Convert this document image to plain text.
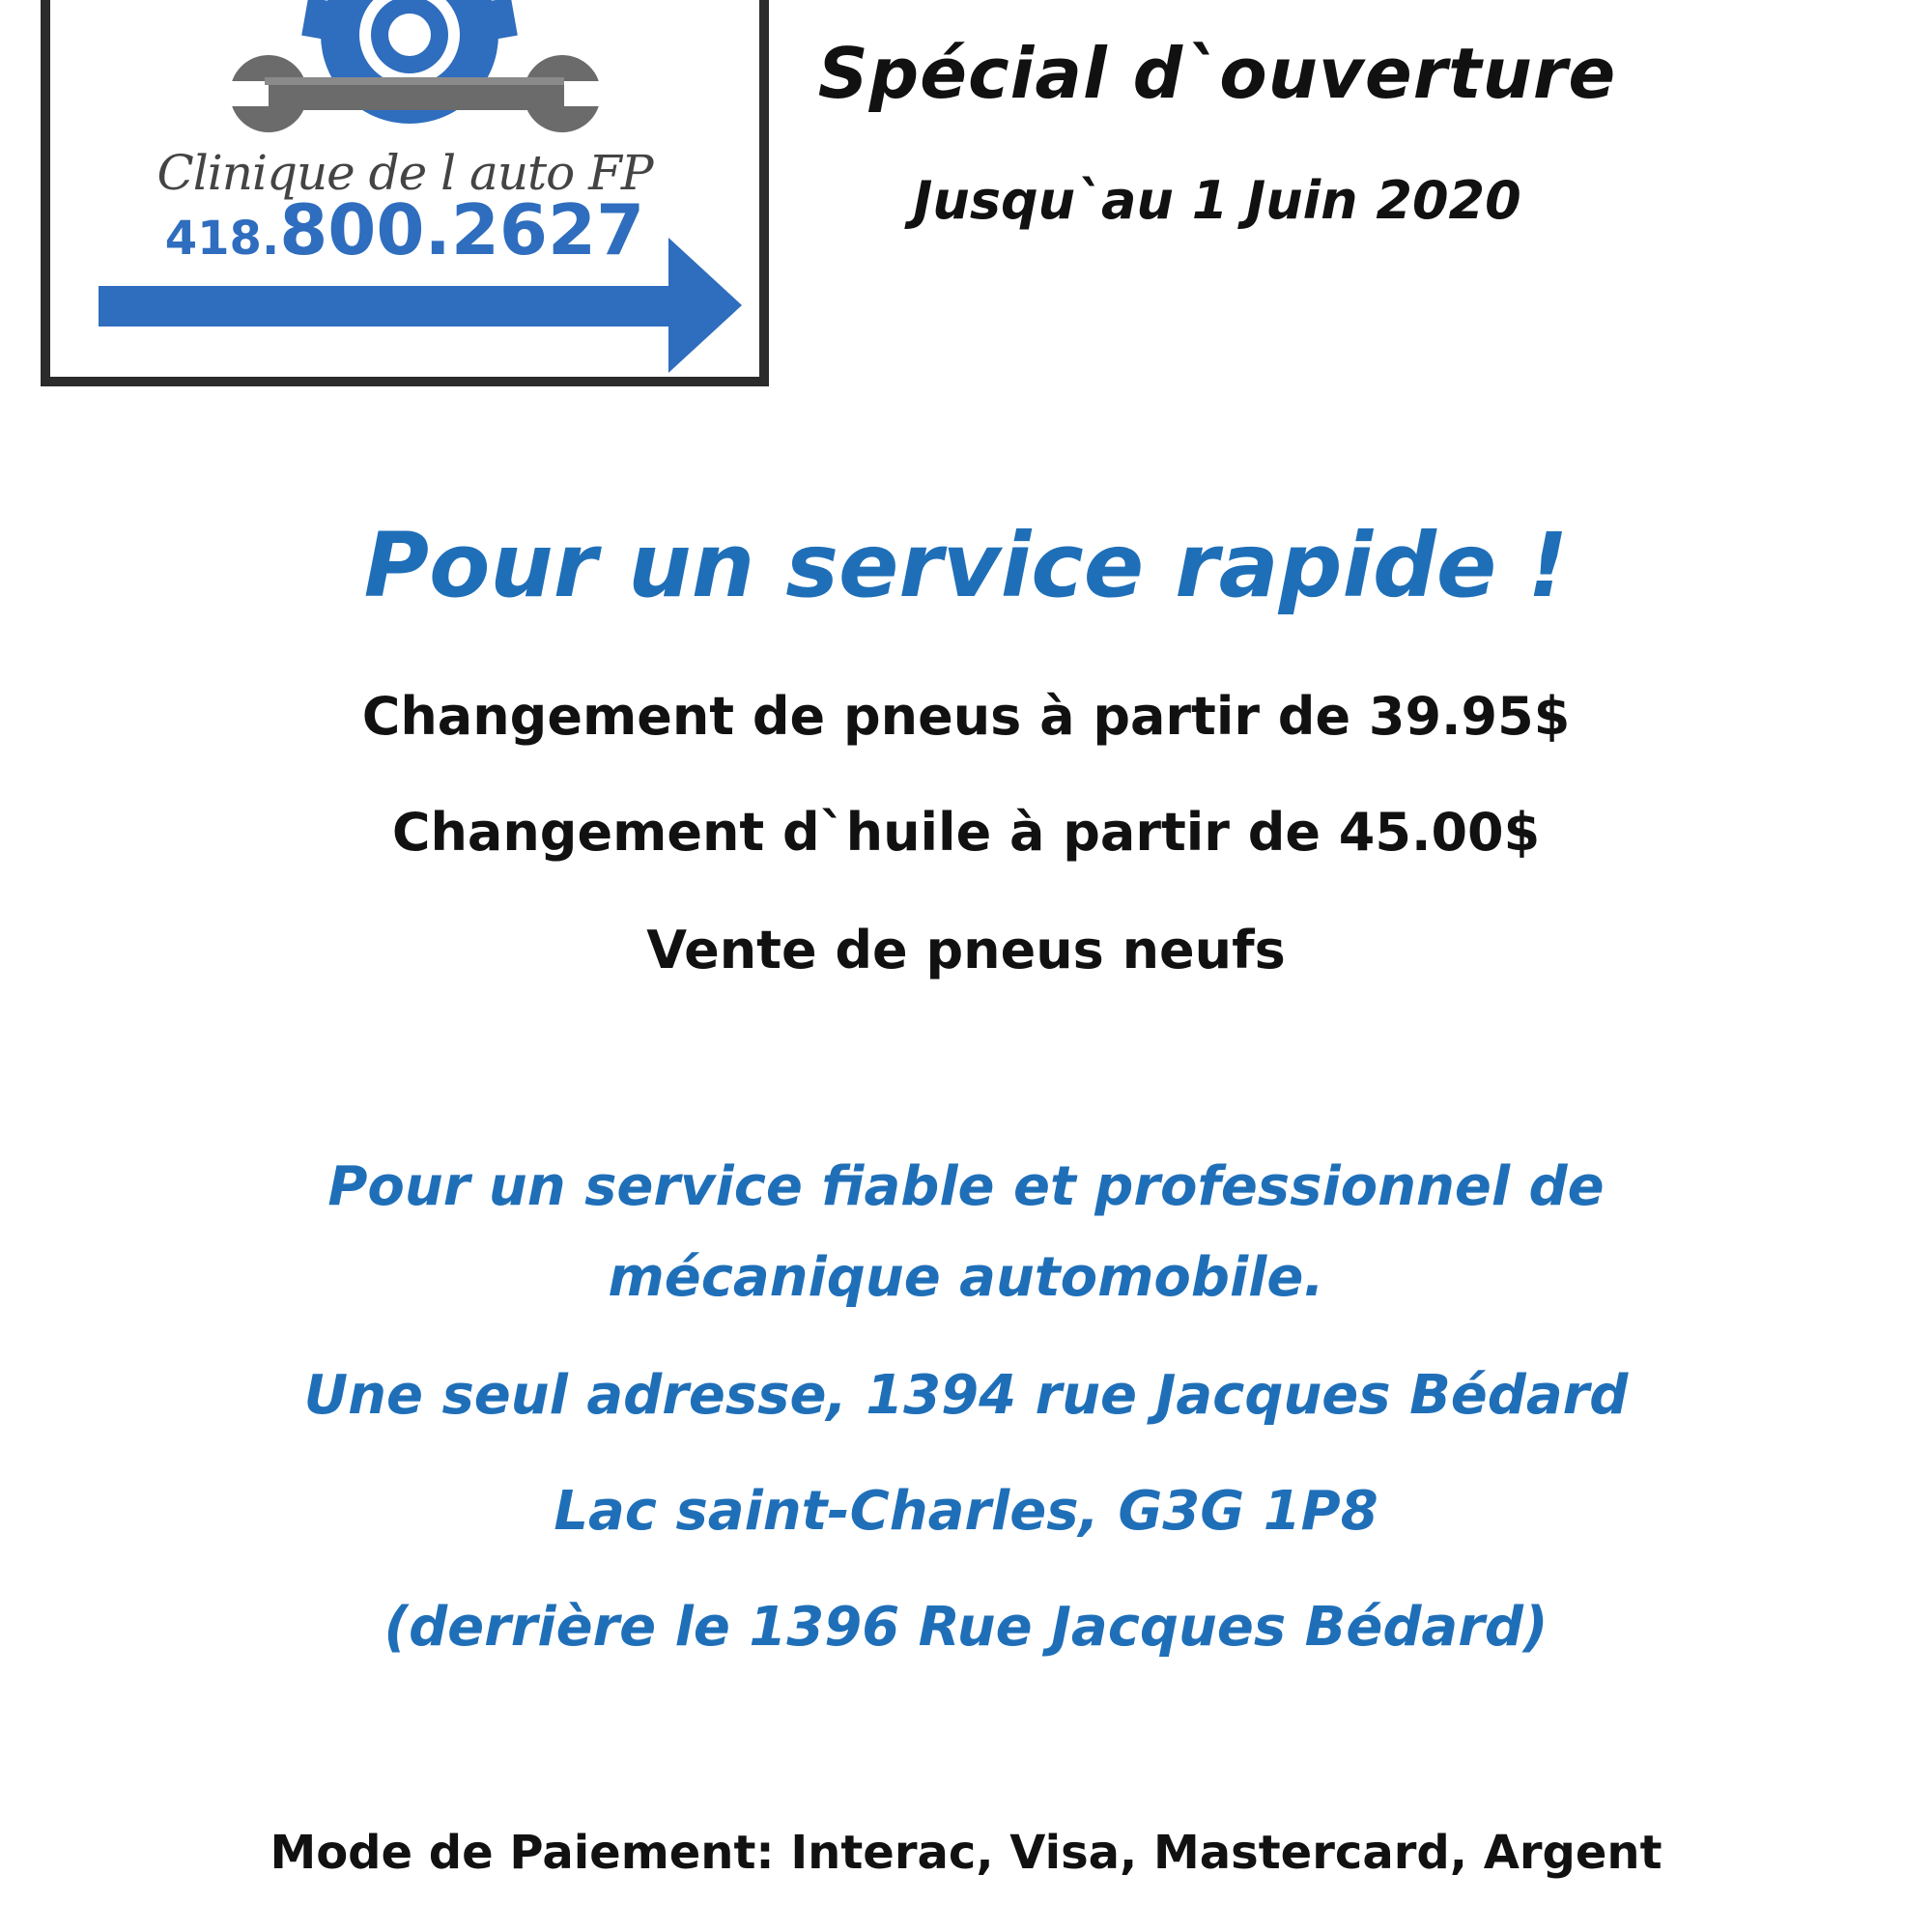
Clinique de l auto FP
418.800.2627
Spécial d`ouverture
Jusqu`au 1 Juin 2020
Pour un service rapide !
Changement de pneus à partir de 39.95$
Changement d`huile à partir de 45.00$
Vente de pneus neufs
Pour un service fiable et professionnel de
mécanique automobile.
Une seul adresse, 1394 rue Jacques Bédard
Lac saint-Charles, G3G 1P8
(derrière le 1396 Rue Jacques Bédard)
Mode de Paiement: Interac, Visa, Mastercard, Argent
